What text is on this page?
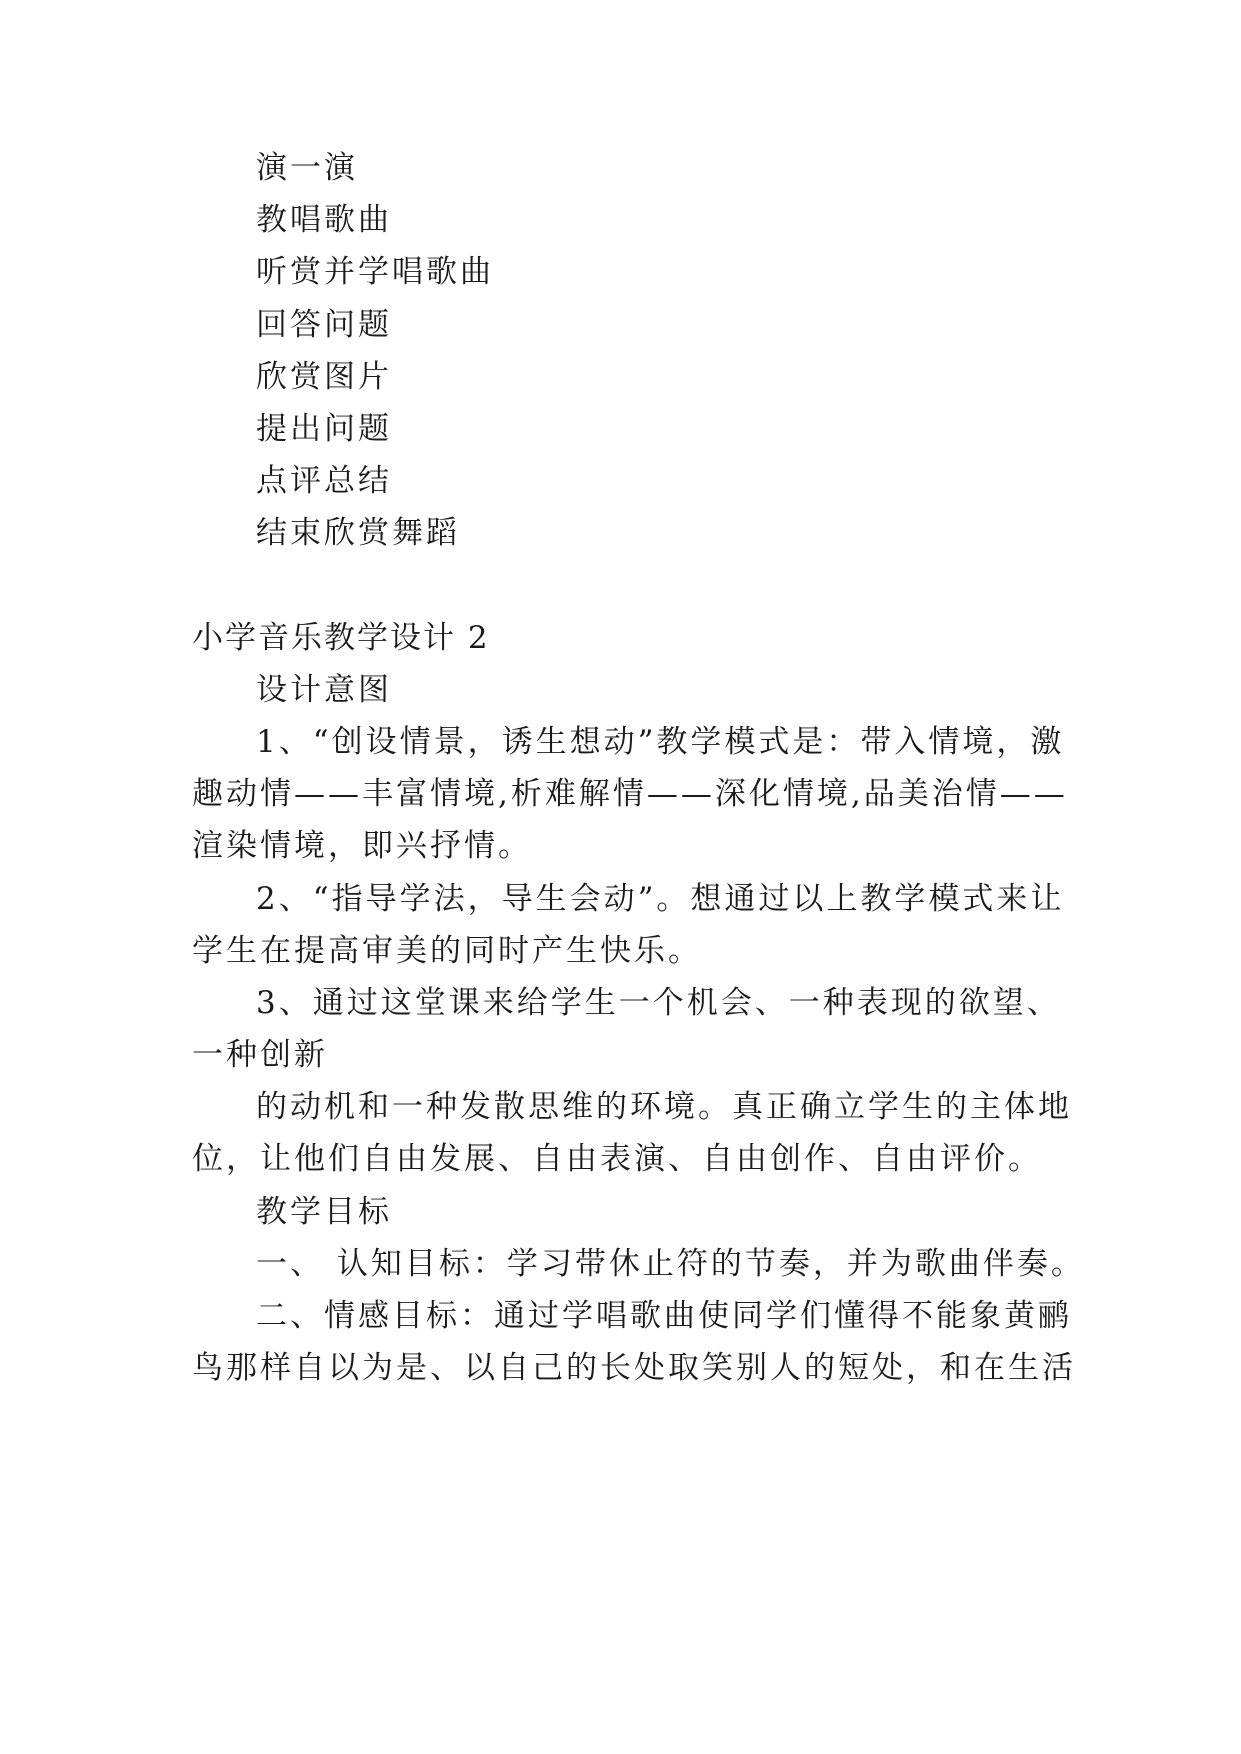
演一演
教唱歌曲
听赏并学唱歌曲
回答问题
欣赏图片
提出问题
点评总结
结束欣赏舞蹈
小学音乐教学设计 2
设计意图
1、“创设情景，诱生想动”教学模式是：带入情境，激
趣动情——丰富情境,析难解情——深化情境,品美治情——
渲染情境，即兴抒情。
2、“指导学法，导生会动”。想通过以上教学模式来让
学生在提高审美的同时产生快乐。
3、通过这堂课来给学生一个机会、一种表现的欲望、
一种创新
的动机和一种发散思维的环境。真正确立学生的主体地
位，让他们自由发展、自由表演、自由创作、自由评价。
教学目标
一、 认知目标：学习带休止符的节奏，并为歌曲伴奏。
二、情感目标：通过学唱歌曲使同学们懂得不能象黄鹂
鸟那样自以为是、以自己的长处取笑别人的短处，和在生活
